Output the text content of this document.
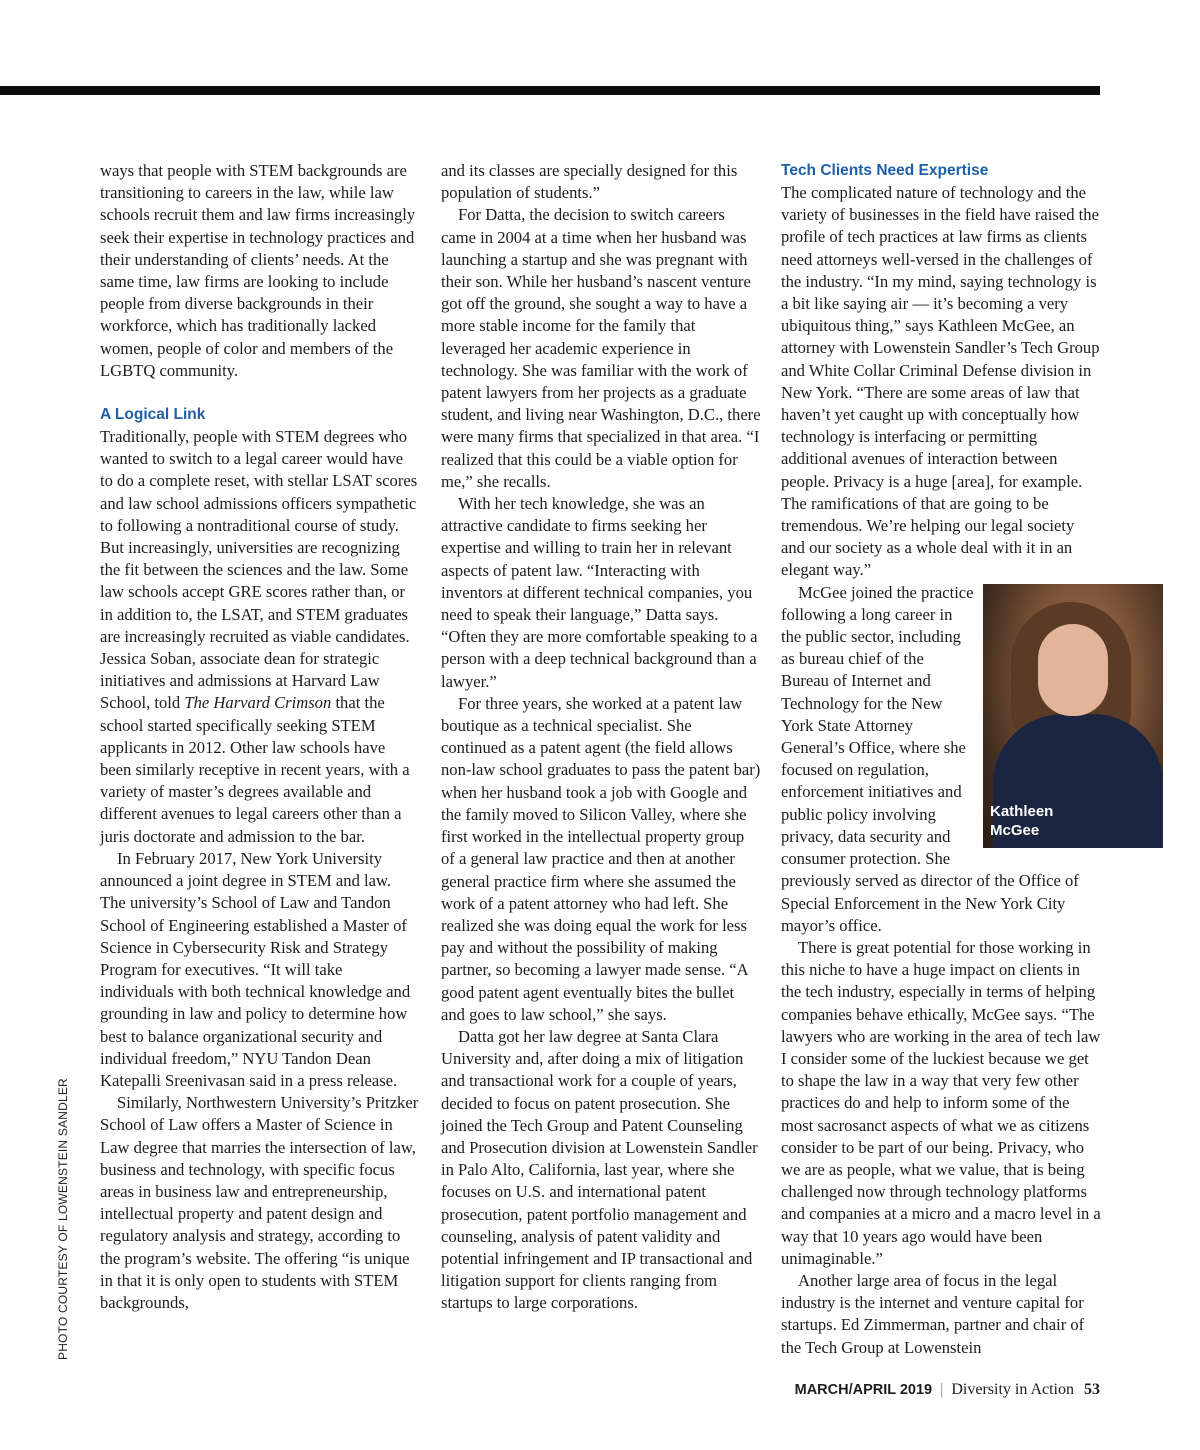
PHOTO COURTESY OF LOWENSTEIN SANDLER

ways that people with STEM backgrounds are transitioning to careers in the law, while law schools recruit them and law firms increasingly seek their expertise in technology practices and their understanding of clients’ needs. At the same time, law firms are looking to include people from diverse backgrounds in their workforce, which has traditionally lacked women, people of color and members of the LGBTQ community.

A Logical Link

Traditionally, people with STEM degrees who wanted to switch to a legal career would have to do a complete reset, with stellar LSAT scores and law school admissions officers sympathetic to following a nontraditional course of study. But increasingly, universities are recognizing the fit between the sciences and the law. Some law schools accept GRE scores rather than, or in addition to, the LSAT, and STEM graduates are increasingly recruited as viable candidates. Jessica Soban, associate dean for strategic initiatives and admissions at Harvard Law School, told The Harvard Crimson that the school started specifically seeking STEM applicants in 2012. Other law schools have been similarly receptive in recent years, with a variety of master’s degrees available and different avenues to legal careers other than a juris doctorate and admission to the bar.

In February 2017, New York University announced a joint degree in STEM and law. The university’s School of Law and Tandon School of Engineering established a Master of Science in Cybersecurity Risk and Strategy Program for executives. “It will take individuals with both technical knowledge and grounding in law and policy to determine how best to balance organizational security and individual freedom,” NYU Tandon Dean Katepalli Sreenivasan said in a press release.

Similarly, Northwestern University’s Pritzker School of Law offers a Master of Science in Law degree that marries the intersection of law, business and technology, with specific focus areas in business law and entrepreneurship, intellectual property and patent design and regulatory analysis and strategy, according to the program’s website. The offering “is unique in that it is only open to students with STEM backgrounds,

and its classes are specially designed for this population of students.”

For Datta, the decision to switch careers came in 2004 at a time when her husband was launching a startup and she was pregnant with their son. While her husband’s nascent venture got off the ground, she sought a way to have a more stable income for the family that leveraged her academic experience in technology. She was familiar with the work of patent lawyers from her projects as a graduate student, and living near Washington, D.C., there were many firms that specialized in that area. “I realized that this could be a viable option for me,” she recalls.

With her tech knowledge, she was an attractive candidate to firms seeking her expertise and willing to train her in relevant aspects of patent law. “Interacting with inventors at different technical companies, you need to speak their language,” Datta says. “Often they are more comfortable speaking to a person with a deep technical background than a lawyer.”

For three years, she worked at a patent law boutique as a technical specialist. She continued as a patent agent (the field allows non-law school graduates to pass the patent bar) when her husband took a job with Google and the family moved to Silicon Valley, where she first worked in the intellectual property group of a general law practice and then at another general practice firm where she assumed the work of a patent attorney who had left. She realized she was doing equal the work for less pay and without the possibility of making partner, so becoming a lawyer made sense. “A good patent agent eventually bites the bullet and goes to law school,” she says.

Datta got her law degree at Santa Clara University and, after doing a mix of litigation and transactional work for a couple of years, decided to focus on patent prosecution. She joined the Tech Group and Patent Counseling and Prosecution division at Lowenstein Sandler in Palo Alto, California, last year, where she focuses on U.S. and international patent prosecution, patent portfolio management and counseling, analysis of patent validity and potential infringement and IP transactional and litigation support for clients ranging from startups to large corporations.

Tech Clients Need Expertise

The complicated nature of technology and the variety of businesses in the field have raised the profile of tech practices at law firms as clients need attorneys well-versed in the challenges of the industry. “In my mind, saying technology is a bit like saying air — it’s becoming a very ubiquitous thing,” says Kathleen McGee, an attorney with Lowenstein Sandler’s Tech Group and White Collar Criminal Defense division in New York. “There are some areas of law that haven’t yet caught up with conceptually how technology is interfacing or permitting additional avenues of interaction between people. Privacy is a huge [area], for example. The ramifications of that are going to be tremendous. We’re helping our legal society and our society as a whole deal with it in an elegant way.”

Kathleen
McGee

McGee joined the practice following a long career in the public sector, including as bureau chief of the Bureau of Internet and Technology for the New York State Attorney General’s Office, where she focused on regulation, enforcement initiatives and public policy involving privacy, data security and consumer protection. She previously served as director of the Office of Special Enforcement in the New York City mayor’s office.

There is great potential for those working in this niche to have a huge impact on clients in the tech industry, especially in terms of helping companies behave ethically, McGee says. “The lawyers who are working in the area of tech law I consider some of the luckiest because we get to shape the law in a way that very few other practices do and help to inform some of the most sacrosanct aspects of what we as citizens consider to be part of our being. Privacy, who we are as people, what we value, that is being challenged now through technology platforms and companies at a micro and a macro level in a way that 10 years ago would have been unimaginable.”

Another large area of focus in the legal industry is the internet and venture capital for startups. Ed Zimmerman, partner and chair of the Tech Group at Lowenstein

MARCH/APRIL 2019 | Diversity in Action 53
